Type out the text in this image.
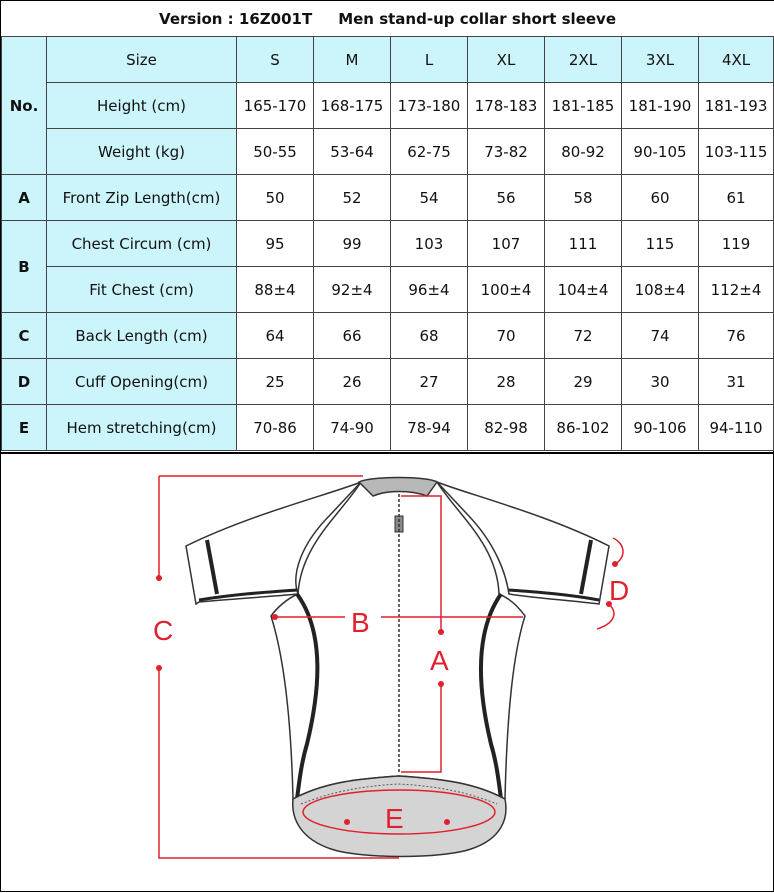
Version : 16Z001T Men stand-up collar short sleeve								
No.	Size	S	M	L	XL	2XL	3XL	4XL
	Height (cm)	165-170	168-175	173-180	178-183	181-185	181-190	181-193
	Weight (kg)	50-55	53-64	62-75	73-82	80-92	90-105	103-115
A	Front Zip Length(cm)	50	52	54	56	58	60	61
B	Chest Circum (cm)	95	99	103	107	111	115	119
	Fit Chest (cm)	88±4	92±4	96±4	100±4	104±4	108±4	112±4
C	Back Length (cm)	64	66	68	70	72	74	76
D	Cuff Opening(cm)	25	26	27	28	29	30	31
E	Hem stretching(cm)	70-86	74-90	78-94	82-98	86-102	90-106	94-110
A
B
C
D
E
